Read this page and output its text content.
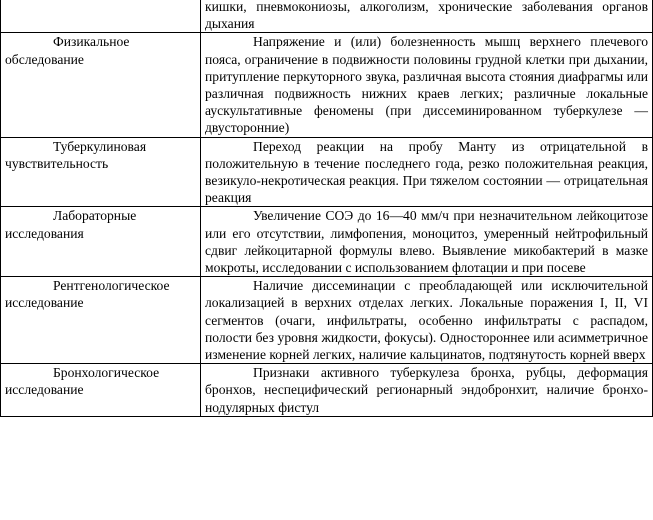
	кишки, пневмокониозы, алкоголизм, хронические заболевания органов дыхания

Физикальное обследование	Напряжение и (или) болезненность мышц верхнего плечевого пояса, ограничение в подвижности половины грудной клетки при дыхании, притупление перкуторного звука, различная высота стояния диафрагмы или различная подвижность нижних краев легких; различные локальные аускультативные феномены (при диссеминированном туберкулезе — двусторонние)

Туберкулиновая чувствительность	Переход реакции на пробу Манту из отрицательной в положительную в течение последнего года, резко положительная реакция, везикуло-некротическая реакция. При тяжелом состоянии — отрицательная реакция

Лабораторные исследования	Увеличение СОЭ до 16—40 мм/ч при незначительном лейкоцитозе или его отсутствии, лимфопения, моноцитоз, умеренный нейтрофильный сдвиг лейкоцитарной формулы влево. Выявление микобактерий в мазке мокроты, исследовании с использованием флотации и при посеве

Рентгенологическое исследование	Наличие диссеминации с преобладающей или исключительной локализацией в верхних отделах легких. Локальные поражения I, II, VI сегментов (очаги, инфильтраты, особенно инфильтраты с распадом, полости без уровня жидкости, фокусы). Одностороннее или асимметричное изменение корней легких, наличие кальцинатов, подтянутость корней вверх

Бронхологическое исследование	Признаки активного туберкулеза бронха, рубцы, деформация бронхов, неспецифический регионарный эндобронхит, наличие бронхо-нодулярных фистул
